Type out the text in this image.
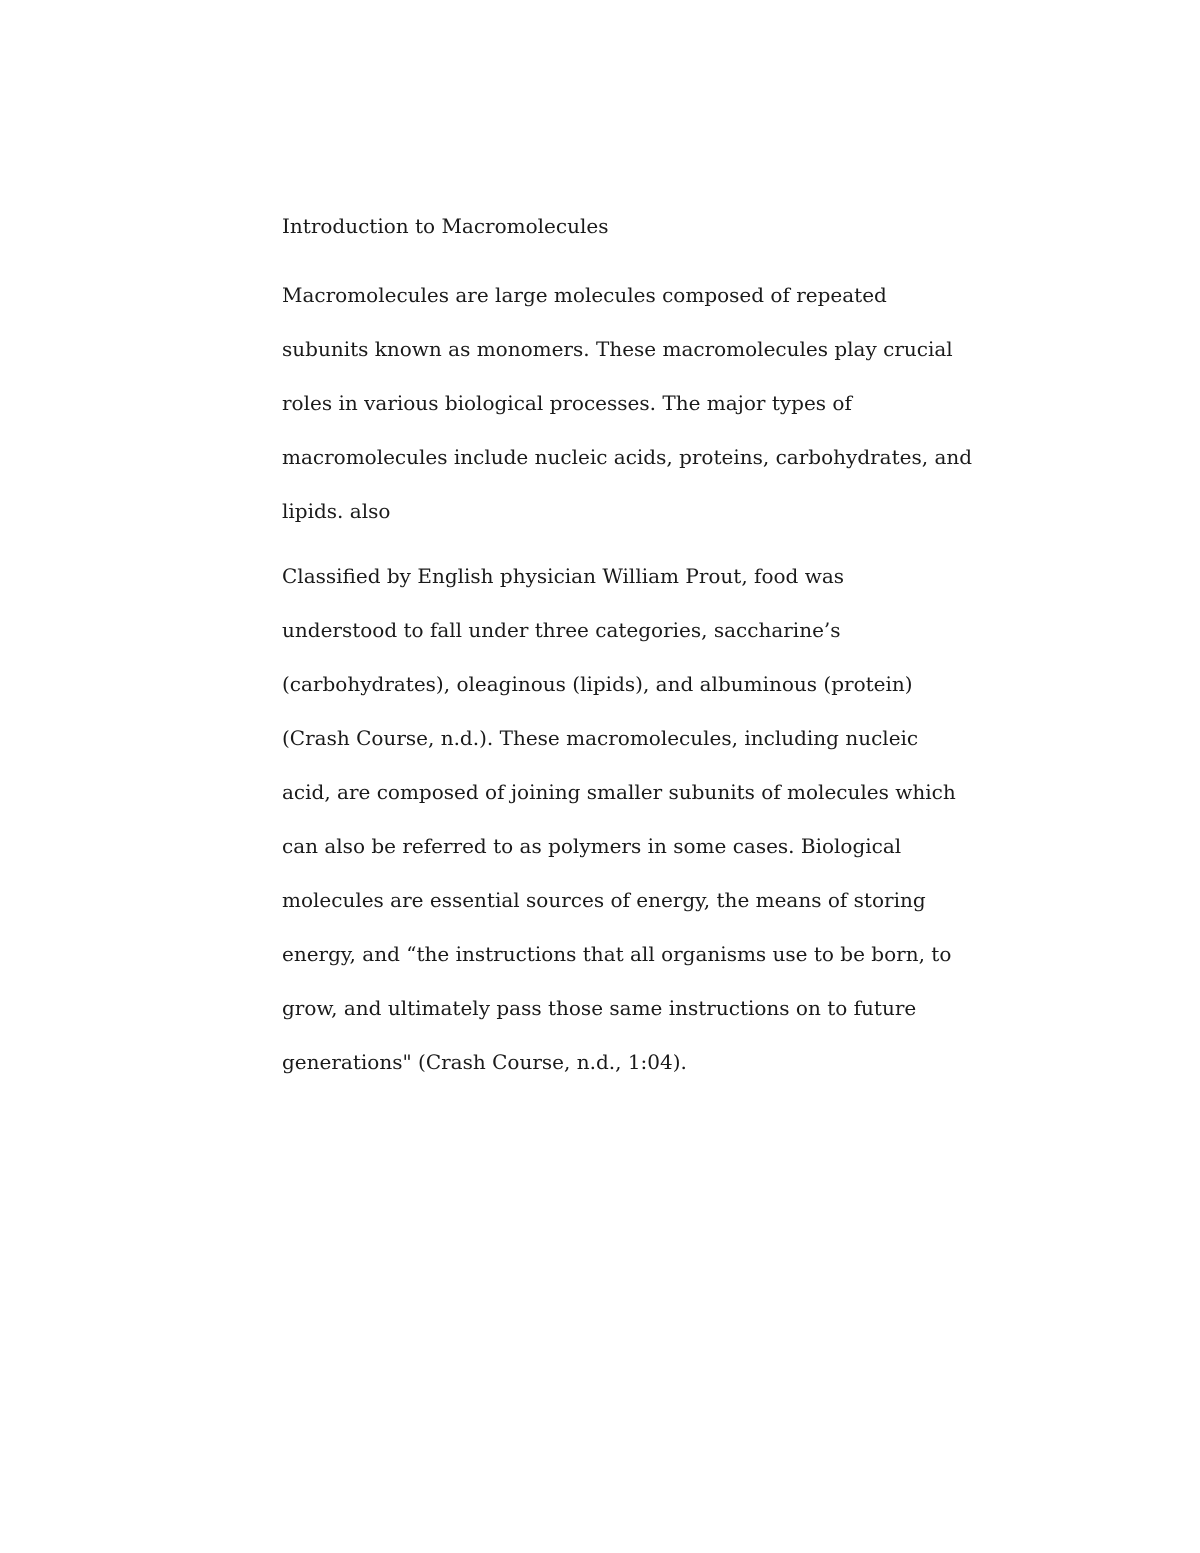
Introduction to Macromolecules

Macromolecules are large molecules composed of repeated
subunits known as monomers. These macromolecules play crucial
roles in various biological processes. The major types of
macromolecules include nucleic acids, proteins, carbohydrates, and
lipids. also

Classified by English physician William Prout, food was
understood to fall under three categories, saccharine’s
(carbohydrates), oleaginous (lipids), and albuminous (protein)
(Crash Course, n.d.). These macromolecules, including nucleic
acid, are composed of joining smaller subunits of molecules which
can also be referred to as polymers in some cases. Biological
molecules are essential sources of energy, the means of storing
energy, and “the instructions that all organisms use to be born, to
grow, and ultimately pass those same instructions on to future
generations" (Crash Course, n.d., 1:04).
